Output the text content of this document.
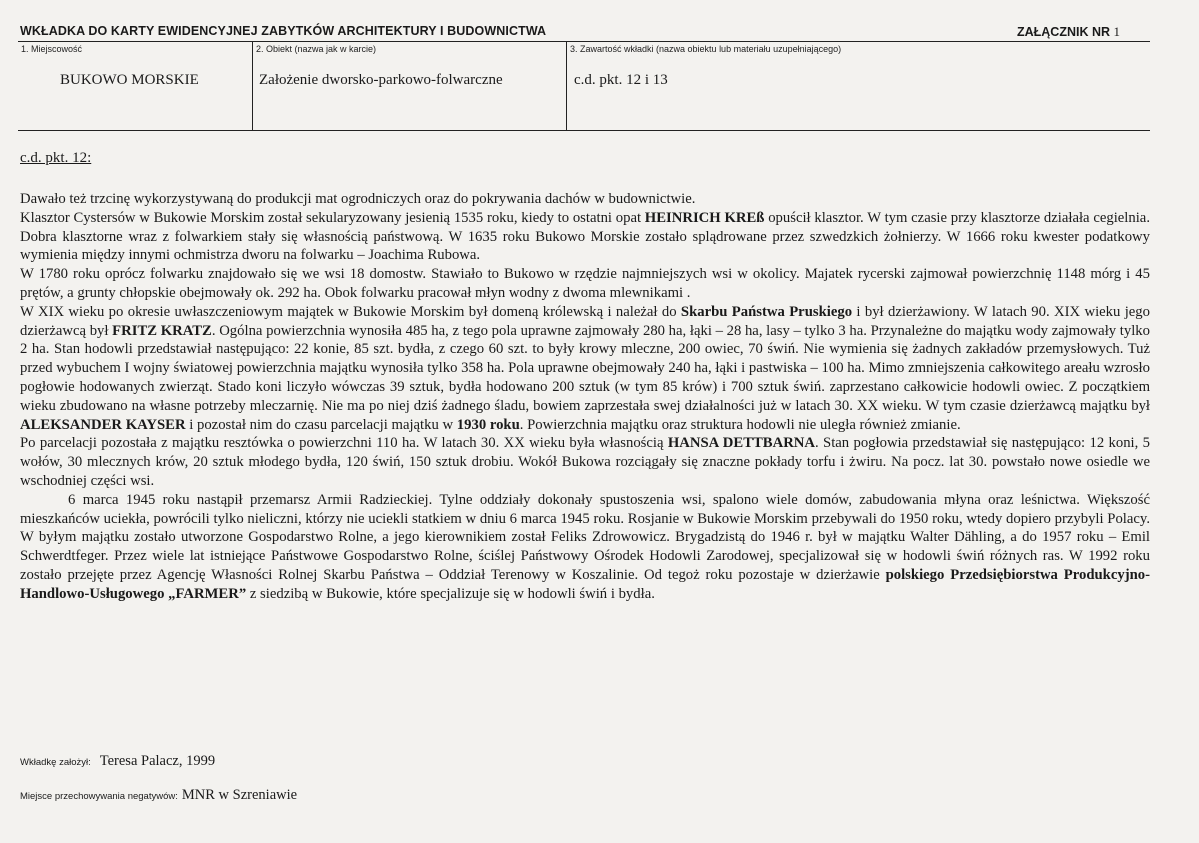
WKŁADKA DO KARTY EWIDENCYJNEJ ZABYTKÓW ARCHITEKTURY I BUDOWNICTWA	ZAŁĄCZNIK NR 1
1. Miejscowość
BUKOWO MORSKIE
2. Obiekt (nazwa jak w karcie)
Założenie dworsko-parkowo-folwarczne
3. Zawartość wkładki (nazwa obiektu lub materiału uzupełniającego)
c.d. pkt. 12 i 13
c.d. pkt. 12:

Dawało też trzcinę wykorzystywaną do produkcji mat ogrodniczych oraz do pokrywania dachów w budownictwie.

Klasztor Cystersów w Bukowie Morskim został sekularyzowany jesienią 1535 roku, kiedy to ostatni opat HEINRICH KREß opuścił klasztor. W tym czasie przy klasztorze działała cegielnia. Dobra klasztorne wraz z folwarkiem stały się własnością państwową. W 1635 roku Bukowo Morskie zostało splądrowane przez szwedzkich żołnierzy. W 1666 roku kwester podatkowy wymienia między innymi ochmistrza dworu na folwarku – Joachima Rubowa.

W 1780 roku oprócz folwarku znajdowało się we wsi 18 domostw. Stawiało to Bukowo w rzędzie najmniejszych wsi w okolicy. Majatek rycerski zajmował powierzchnię 1148 mórg i 45 prętów, a grunty chłopskie obejmowały ok. 292 ha. Obok folwarku pracował młyn wodny z dwoma mlewnikami .

W XIX wieku po okresie uwłaszczeniowym majątek w Bukowie Morskim był domeną królewską i należał do Skarbu Państwa Pruskiego i był dzierżawiony. W latach 90. XIX wieku jego dzierżawcą był FRITZ KRATZ. Ogólna powierzchnia wynosiła 485 ha, z tego pola uprawne zajmowały 280 ha, łąki – 28 ha, lasy – tylko 3 ha. Przynależne do majątku wody zajmowały tylko 2 ha. Stan hodowli przedstawiał następująco: 22 konie, 85 szt. bydła, z czego 60 szt. to były krowy mleczne, 200 owiec, 70 świń. Nie wymienia się żadnych zakładów przemysłowych. Tuż przed wybuchem I wojny światowej powierzchnia majątku wynosiła tylko 358 ha. Pola uprawne obejmowały 240 ha, łąki i pastwiska – 100 ha. Mimo zmniejszenia całkowitego areału wzrosło pogłowie hodowanych zwierząt. Stado koni liczyło wówczas 39 sztuk, bydła hodowano 200 sztuk (w tym 85 krów) i 700 sztuk świń. zaprzestano całkowicie hodowli owiec. Z początkiem wieku zbudowano na własne potrzeby mleczarnię. Nie ma po niej dziś żadnego śladu, bowiem zaprzestała swej działalności już w latach 30. XX wieku. W tym czasie dzierżawcą majątku był ALEKSANDER KAYSER i pozostał nim do czasu parcelacji majątku w 1930 roku. Powierzchnia majątku oraz struktura hodowli nie uległa również zmianie.

Po parcelacji pozostała z majątku resztówka o powierzchni 110 ha. W latach 30. XX wieku była własnością HANSA DETTBARNA. Stan pogłowia przedstawiał się następująco: 12 koni, 5 wołów, 30 mlecznych krów, 20 sztuk młodego bydła, 120 świń, 150 sztuk drobiu. Wokół Bukowa rozciągały się znaczne pokłady torfu i żwiru. Na pocz. lat 30. powstało nowe osiedle we wschodniej części wsi.

6 marca 1945 roku nastąpił przemarsz Armii Radzieckiej. Tylne oddziały dokonały spustoszenia wsi, spalono wiele domów, zabudowania młyna oraz leśnictwa. Większość mieszkańców uciekła, powrócili tylko nieliczni, którzy nie uciekli statkiem w dniu 6 marca 1945 roku. Rosjanie w Bukowie Morskim przebywali do 1950 roku, wtedy dopiero przybyli Polacy. W byłym majątku zostało utworzone Gospodarstwo Rolne, a jego kierownikiem został Feliks Zdrowowicz. Brygadzistą do 1946 r. był w majątku Walter Dähling, a do 1957 roku – Emil Schwerdtfeger. Przez wiele lat istniejące Państwowe Gospodarstwo Rolne, ściślej Państwowy Ośrodek Hodowli Zarodowej, specjalizował się w hodowli świń różnych ras. W 1992 roku zostało przejęte przez Agencję Własności Rolnej Skarbu Państwa – Oddział Terenowy w Koszalinie. Od tegoż roku pozostaje w dzierżawie polskiego Przedsiębiorstwa Produkcyjno-Handlowo-Usługowego „FARMER” z siedzibą w Bukowie, które specjalizuje się w hodowli świń i bydła.

Wkładkę założył: Teresa Palacz, 1999
Miejsce przechowywania negatywów: MNR w Szreniawie
